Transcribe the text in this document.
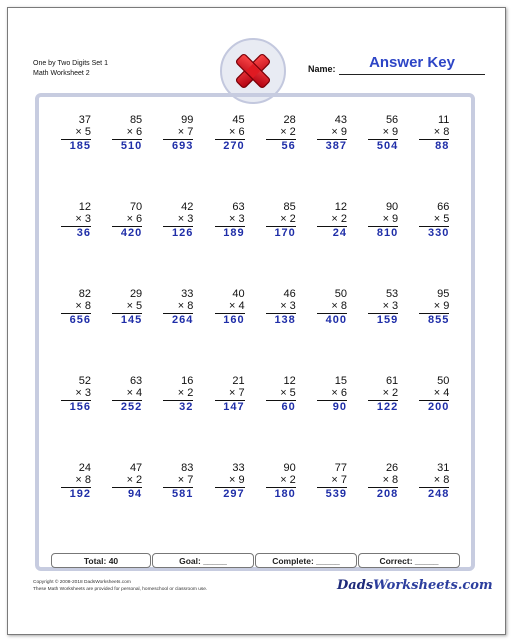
One by Two Digits Set 1
Math Worksheet 2	Name:	Answer Key
37
× 5
185
85
× 6
510
99
× 7
693
45
× 6
270
28
× 2
56
43
× 9
387
56
× 9
504
11
× 8
88
12
× 3
36
70
× 6
420
42
× 3
126
63
× 3
189
85
× 2
170
12
× 2
24
90
× 9
810
66
× 5
330
82
× 8
656
29
× 5
145
33
× 8
264
40
× 4
160
46
× 3
138
50
× 8
400
53
× 3
159
95
× 9
855
52
× 3
156
63
× 4
252
16
× 2
32
21
× 7
147
12
× 5
60
15
× 6
90
61
× 2
122
50
× 4
200
24
× 8
192
47
× 2
94
83
× 7
581
33
× 9
297
90
× 2
180
77
× 7
539
26
× 8
208
31
× 8
248
Total: 40	Goal: _____	Complete: _____	Correct: _____
Copyright © 2008-2018 DadsWorksheets.com
These Math Worksheets are provided for personal, homeschool or classroom use.	DadsWorksheets.com
